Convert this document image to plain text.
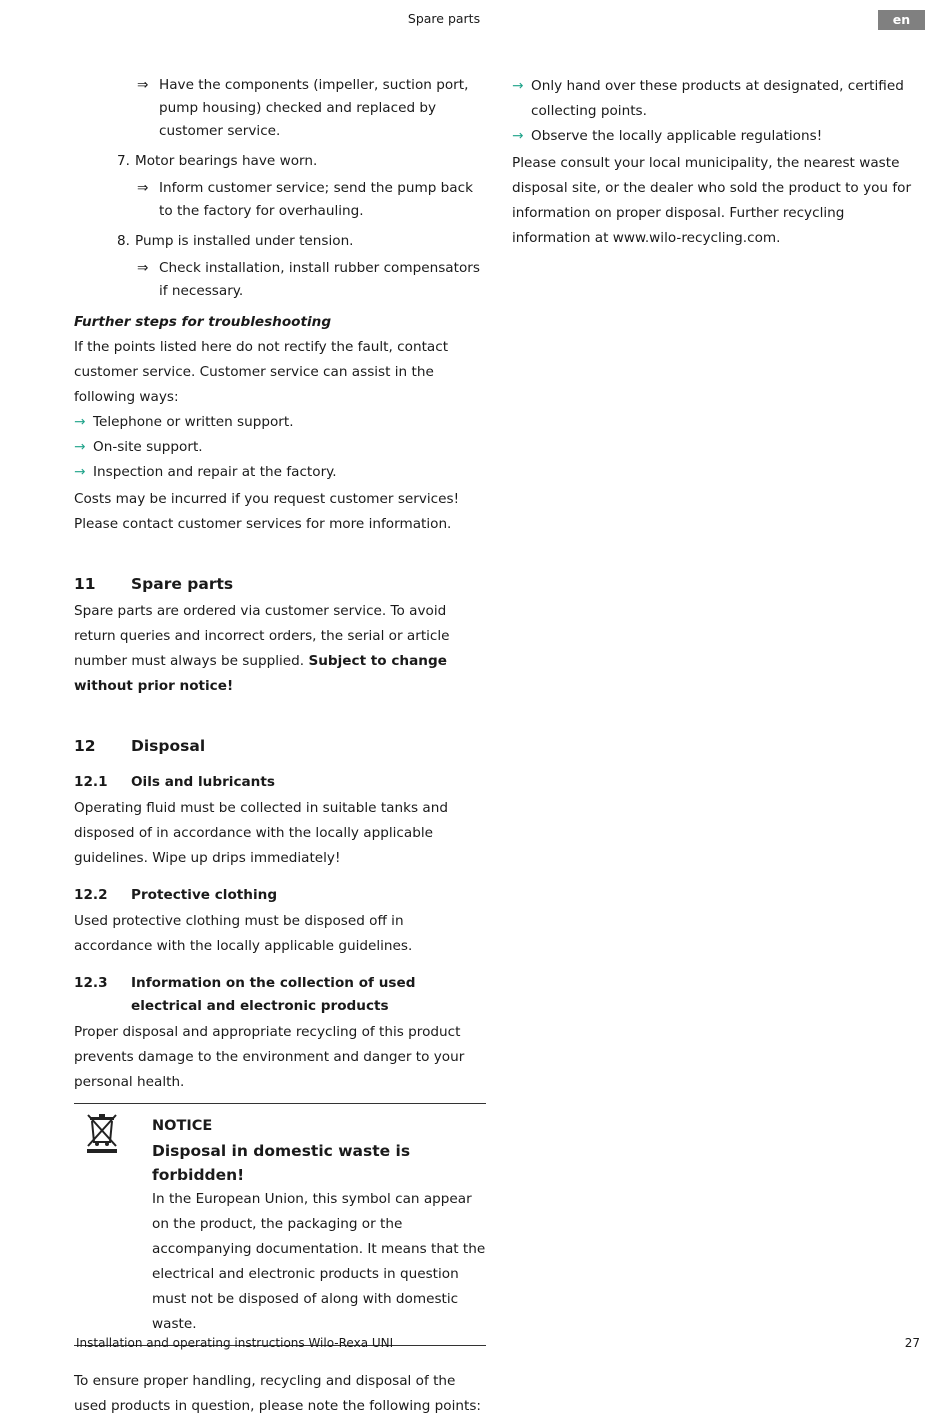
Spare parts	en
⇒ Have the components (impeller, suction port, pump housing) checked and replaced by customer service.
7. Motor bearings have worn.
⇒ Inform customer service; send the pump back to the factory for overhauling.
8. Pump is installed under tension.
⇒ Check installation, install rubber compensators if necessary.
Further steps for troubleshooting

If the points listed here do not rectify the fault, contact customer service. Customer service can assist in the following ways:

→ Telephone or written support.
→ On-site support.
→ Inspection and repair at the factory.

Costs may be incurred if you request customer services! Please contact customer services for more information.

11	Spare parts

Spare parts are ordered via customer service. To avoid return queries and incorrect orders, the serial or article number must always be supplied. Subject to change without prior notice!

12	Disposal
12.1	Oils and lubricants

Operating fluid must be collected in suitable tanks and disposed of in accordance with the locally applicable guidelines. Wipe up drips immediately!

12.2	Protective clothing

Used protective clothing must be disposed off in accordance with the locally applicable guidelines.

12.3	Information on the collection of used electrical and electronic products

Proper disposal and appropriate recycling of this product prevents damage to the environment and danger to your personal health.

NOTICE
Disposal in domestic waste is forbidden!

In the European Union, this symbol can appear on the product, the packaging or the accompanying documentation. It means that the electrical and electronic products in question must not be disposed of along with domestic waste.

To ensure proper handling, recycling and disposal of the used products in question, please note the following points:

→ Only hand over these products at designated, certified collecting points.
→ Observe the locally applicable regulations!

Please consult your local municipality, the nearest waste disposal site, or the dealer who sold the product to you for information on proper disposal. Further recycling information at www.wilo-recycling.com.

Installation and operating instructions Wilo-Rexa UNI	27
